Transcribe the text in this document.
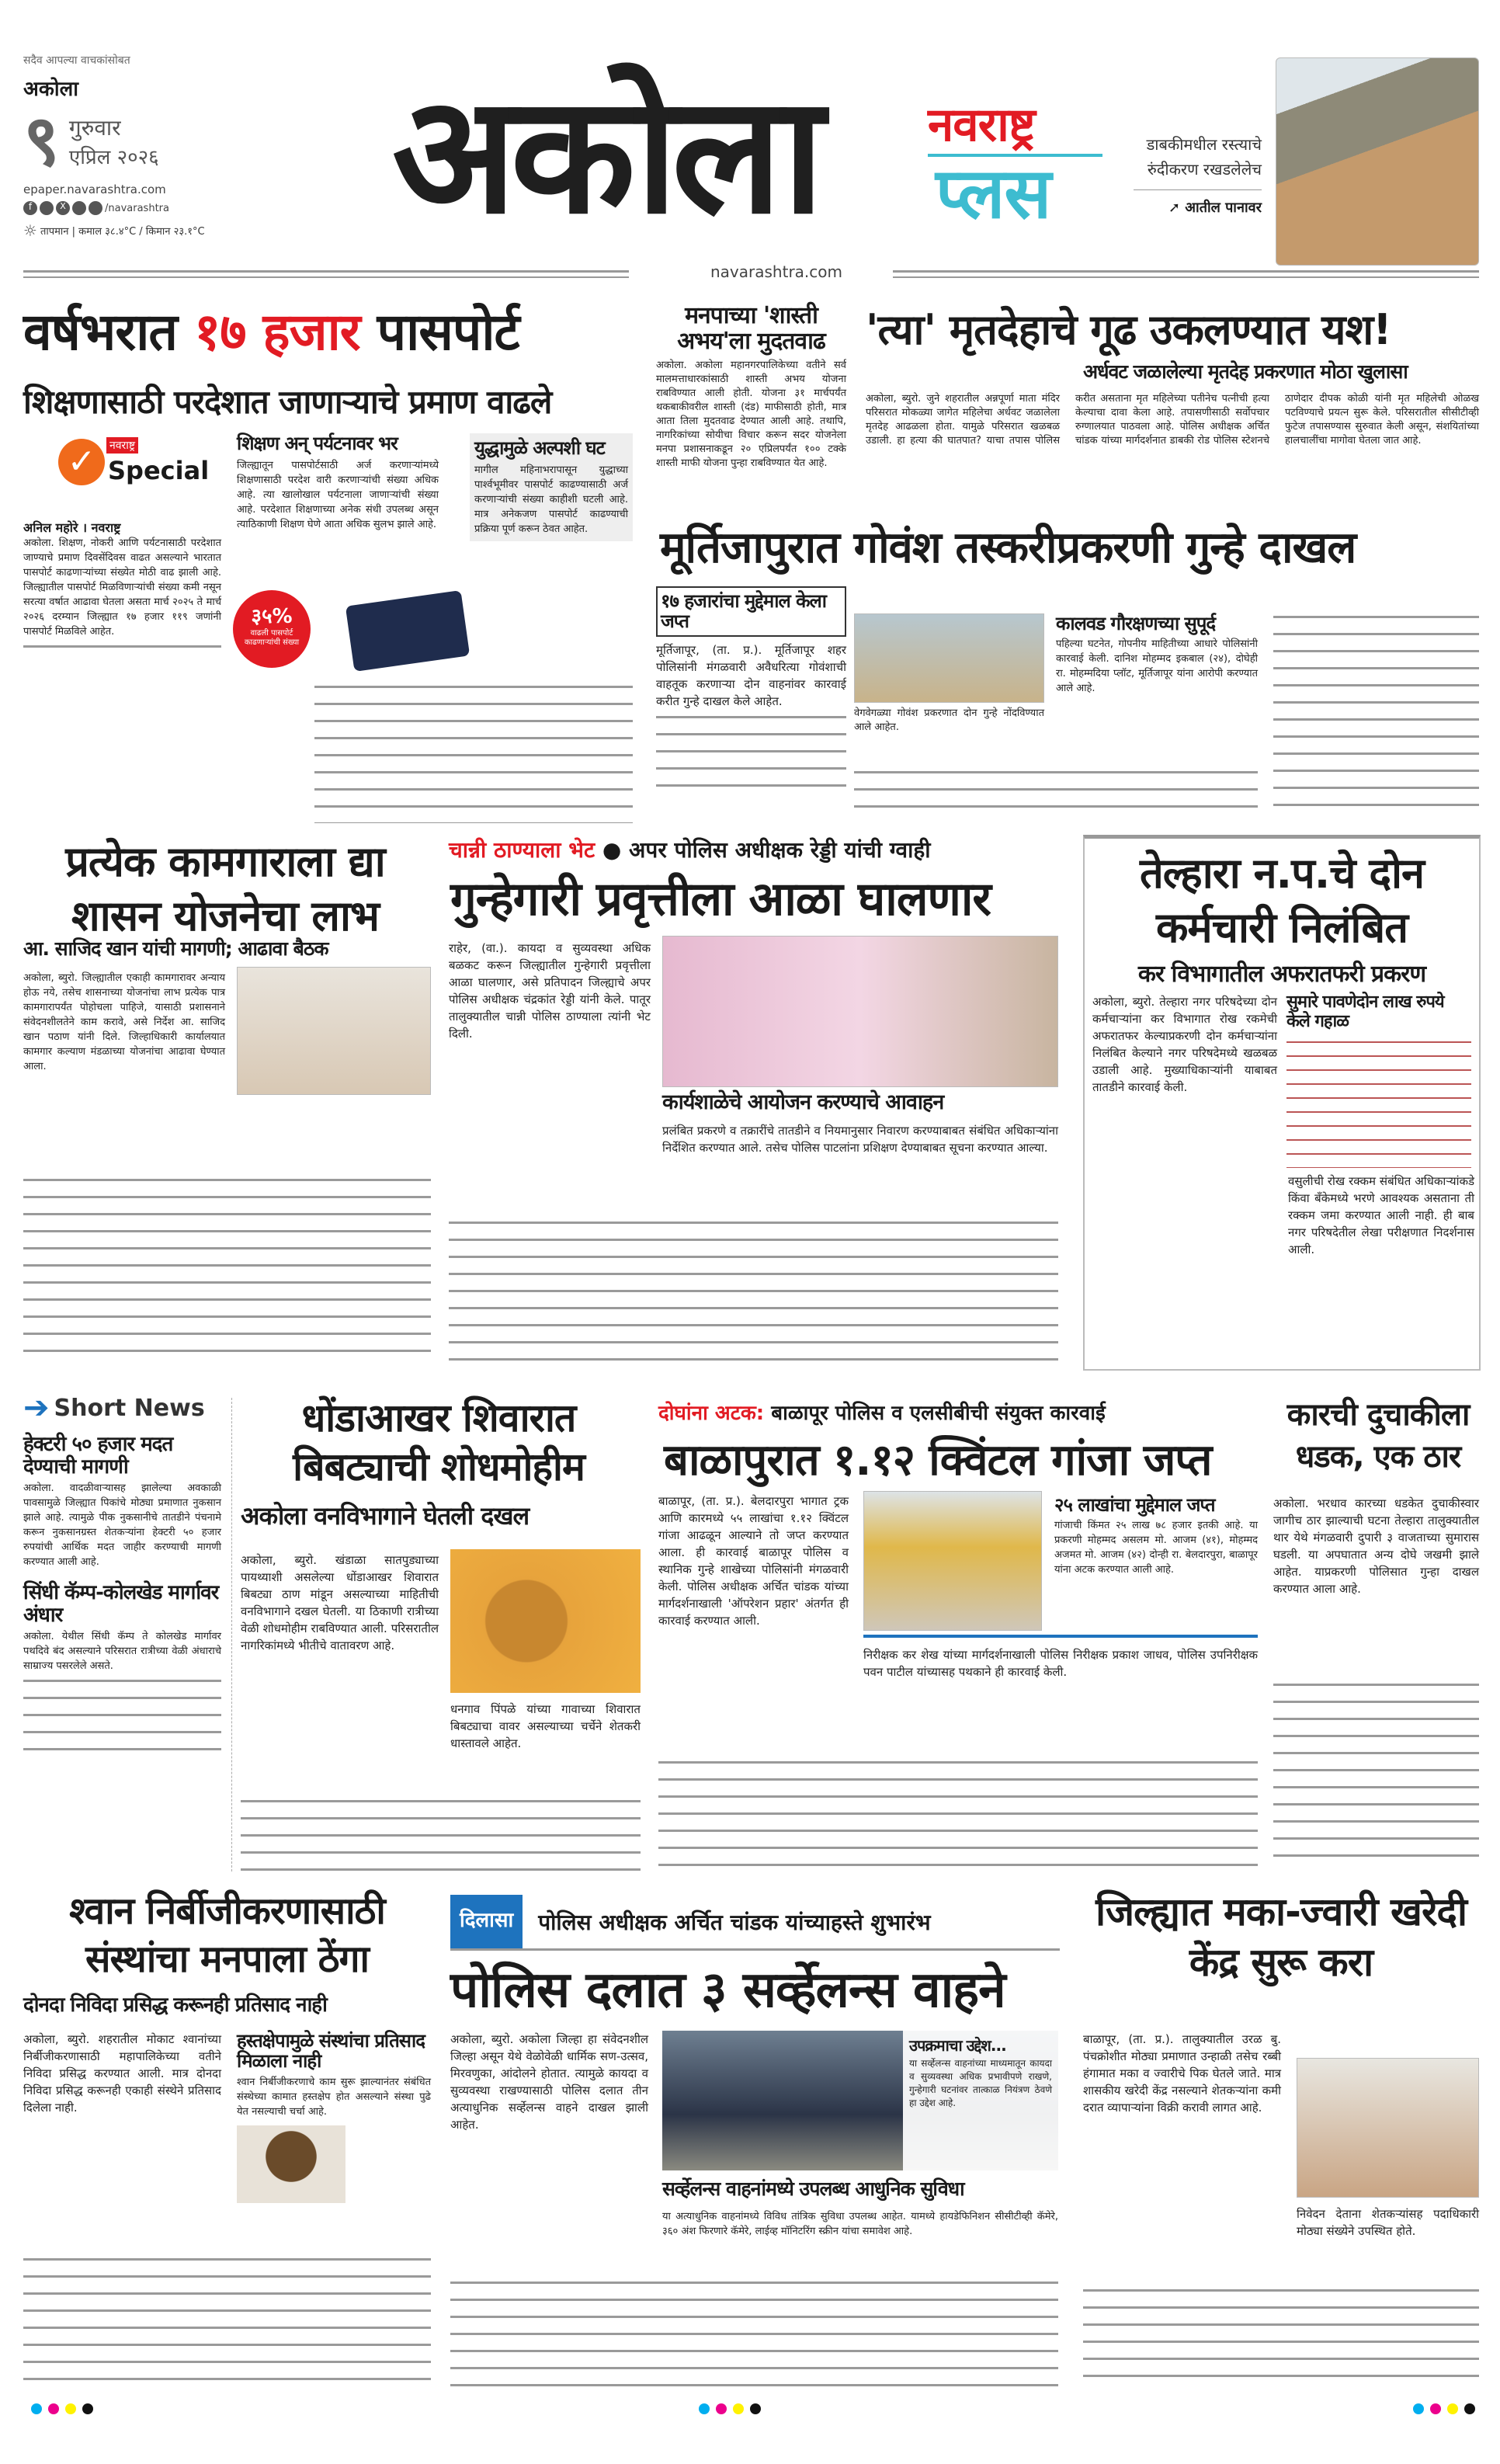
सदैव आपल्या वाचकांसोबत
अकोला
९ गुरुवार
एप्रिल २०२६
epaper.navarashtra.com
f	X	/navarashtra
☼ तापमान | कमाल ३८.४°C / किमान २३.१°C अकोला नवराष्ट्र
प्लस
डाबकीमधील रस्त्याचे रुंदीकरण रखडलेलेच
➚ आतील पानावर
navarashtra.com
वर्षभरात १७ हजार पासपोर्ट
शिक्षणासाठी परदेशात जाणाऱ्याचे प्रमाण वाढले
✓	नवराष्ट्र
Special
अनिल महोरे । नवराष्ट्र
अकोला. शिक्षण, नोकरी आणि पर्यटनासाठी परदेशात जाण्याचे प्रमाण दिवसेंदिवस वाढत असल्याने भारतात पासपोर्ट काढणाऱ्यांच्या संख्येत मोठी वाढ झाली आहे. जिल्ह्यातील पासपोर्ट मिळविणाऱ्यांची संख्या कमी नसून सरत्या वर्षात आढावा घेतला असता मार्च २०२५ ते मार्च २०२६ दरम्यान जिल्ह्यात १७ हजार ११९ जणांनी पासपोर्ट मिळविले आहेत.
शिक्षण अन् पर्यटनावर भर
जिल्ह्यातून पासपोर्टसाठी अर्ज करणाऱ्यांमध्ये शिक्षणासाठी परदेश वारी करणाऱ्यांची संख्या अधिक आहे. त्या खालोखाल पर्यटनाला जाणाऱ्यांची संख्या आहे. परदेशात शिक्षणाच्या अनेक संधी उपलब्ध असून त्याठिकाणी शिक्षण घेणे आता अधिक सुलभ झाले आहे.
युद्धामुळे अल्पशी घट
मागील महिनाभरापासून युद्धाच्या पार्श्वभूमीवर पासपोर्ट काढण्यासाठी अर्ज करणाऱ्यांची संख्या काहीशी घटली आहे. मात्र अनेकजण पासपोर्ट काढण्याची प्रक्रिया पूर्ण करून ठेवत आहेत.
३५%
वाढली पासपोर्ट काढणाऱ्यांची संख्या
मनपाच्या 'शास्ती अभय'ला मुदतवाढ
अकोला. अकोला महानगरपालिकेच्या वतीने सर्व मालमत्ताधारकांसाठी शास्ती अभय योजना राबविण्यात आली होती. योजना ३१ मार्चपर्यंत थकबाकीवरील शास्ती (दंड) माफीसाठी होती, मात्र आता तिला मुदतवाढ देण्यात आली आहे. तथापि, नागरिकांच्या सोयीचा विचार करून सदर योजनेला मनपा प्रशासनाकडून २० एप्रिलपर्यंत १०० टक्के शास्ती माफी योजना पुन्हा राबविण्यात येत आहे.
'त्या' मृतदेहाचे गूढ उकलण्यात यश!
अर्धवट जळालेल्या मृतदेह प्रकरणात मोठा खुलासा
अकोला, ब्युरो. जुने शहरातील अन्नपूर्णा माता मंदिर परिसरात मोकळ्या जागेत महिलेचा अर्धवट जळालेला मृतदेह आढळला होता. यामुळे परिसरात खळबळ उडाली. हा हत्या की घातपात? याचा तपास पोलिस करीत असताना मृत महिलेच्या पतीनेच पत्नीची हत्या केल्याचा दावा केला आहे. तपासणीसाठी सर्वोपचार रुग्णालयात पाठवला आहे. पोलिस अधीक्षक अर्चित चांडक यांच्या मार्गदर्शनात डाबकी रोड पोलिस स्टेशनचे ठाणेदार दीपक कोळी यांनी मृत महिलेची ओळख पटविण्याचे प्रयत्न सुरू केले. परिसरातील सीसीटीव्ही फुटेज तपासण्यास सुरुवात केली असून, संशयितांच्या हालचालींचा मागोवा घेतला जात आहे.
मूर्तिजापुरात गोवंश तस्करीप्रकरणी गुन्हे दाखल
१७ हजारांचा मुद्देमाल केला जप्त
मूर्तिजापूर, (ता. प्र.). मूर्तिजापूर शहर पोलिसांनी मंगळवारी अवैधरित्या गोवंशाची वाहतूक करणाऱ्या दोन वाहनांवर कारवाई करीत गुन्हे दाखल केले आहेत.
वेगवेगळ्या गोवंश प्रकरणात दोन गुन्हे नोंदविण्यात आले आहेत.
कालवड गौरक्षणच्या सुपूर्द
पहिल्या घटनेत, गोपनीय माहितीच्या आधारे पोलिसांनी कारवाई केली. दानिश मोहम्मद इकबाल (२४), दोघेही रा. मोहम्मदिया प्लॉट, मूर्तिजापूर यांना आरोपी करण्यात आले आहे.
प्रत्येक कामगाराला द्या शासन योजनेचा लाभ
आ. साजिद खान यांची मागणी; आढावा बैठक
अकोला, ब्युरो. जिल्ह्यातील एकाही कामगारावर अन्याय होऊ नये, तसेच शासनाच्या योजनांचा लाभ प्रत्येक पात्र कामगारापर्यंत पोहोचला पाहिजे, यासाठी प्रशासनाने संवेदनशीलतेने काम करावे, असे निर्देश आ. साजिद खान पठाण यांनी दिले. जिल्हाधिकारी कार्यालयात कामगार कल्याण मंडळाच्या योजनांचा आढावा घेण्यात आला.
चान्नी ठाण्याला भेट ● अपर पोलिस अधीक्षक रेड्डी यांची ग्वाही
गुन्हेगारी प्रवृत्तीला आळा घालणार
राहेर, (वा.). कायदा व सुव्यवस्था अधिक बळकट करून जिल्ह्यातील गुन्हेगारी प्रवृत्तीला आळा घालणार, असे प्रतिपादन जिल्ह्याचे अपर पोलिस अधीक्षक चंद्रकांत रेड्डी यांनी केले. पातूर तालुक्यातील चान्नी पोलिस ठाण्याला त्यांनी भेट दिली.
कार्यशाळेचे आयोजन करण्याचे आवाहन
प्रलंबित प्रकरणे व तक्रारींचे तातडीने व नियमानुसार निवारण करण्याबाबत संबंधित अधिकाऱ्यांना निर्देशित करण्यात आले. तसेच पोलिस पाटलांना प्रशिक्षण देण्याबाबत सूचना करण्यात आल्या.
तेल्हारा न.प.चे दोन कर्मचारी निलंबित
कर विभागातील अफरातफरी प्रकरण
अकोला, ब्युरो. तेल्हारा नगर परिषदेच्या दोन कर्मचाऱ्यांना कर विभागात रोख रकमेची अफरातफर केल्याप्रकरणी दोन कर्मचाऱ्यांना निलंबित केल्याने नगर परिषदेमध्ये खळबळ उडाली आहे. मुख्याधिकाऱ्यांनी याबाबत तातडीने कारवाई केली.
सुमारे पावणेदोन लाख रुपये केले गहाळ
वसुलीची रोख रक्कम संबंधित अधिकाऱ्यांकडे किंवा बँकेमध्ये भरणे आवश्यक असताना ती रक्कम जमा करण्यात आली नाही. ही बाब नगर परिषदेतील लेखा परीक्षणात निदर्शनास आली.
➔ Short News
हेक्टरी ५० हजार मदत देण्याची मागणी
अकोला. वादळीवाऱ्यासह झालेल्या अवकाळी पावसामुळे जिल्ह्यात पिकांचे मोठ्या प्रमाणात नुकसान झाले आहे. त्यामुळे पीक नुकसानीचे तातडीने पंचनामे करून नुकसानग्रस्त शेतकऱ्यांना हेक्टरी ५० हजार रुपयांची आर्थिक मदत जाहीर करण्याची मागणी करण्यात आली आहे.
सिंधी कॅम्प-कोलखेड मार्गावर अंधार
अकोला. येथील सिंधी कॅम्प ते कोलखेड मार्गावर पथदिवे बंद असल्याने परिसरात रात्रीच्या वेळी अंधाराचे साम्राज्य पसरलेले असते.
धोंडाआखर शिवारात बिबट्याची शोधमोहीम
अकोला वनविभागाने घेतली दखल
अकोला, ब्युरो. खंडाळा सातपुड्याच्या पायथ्याशी असलेल्या धोंडाआखर शिवारात बिबट्या ठाण मांडून असल्याच्या माहितीची वनविभागाने दखल घेतली. या ठिकाणी रात्रीच्या वेळी शोधमोहीम राबविण्यात आली. परिसरातील नागरिकांमध्ये भीतीचे वातावरण आहे.
धनगाव पिंपळे यांच्या गावाच्या शिवारात बिबट्याचा वावर असल्याच्या चर्चेने शेतकरी धास्तावले आहेत.
दोघांना अटक: बाळापूर पोलिस व एलसीबीची संयुक्त कारवाई
बाळापुरात १.१२ क्विंटल गांजा जप्त
बाळापूर, (ता. प्र.). बेलदारपुरा भागात ट्रक आणि कारमध्ये ५५ लाखांचा १.१२ क्विंटल गांजा आढळून आल्याने तो जप्त करण्यात आला. ही कारवाई बाळापूर पोलिस व स्थानिक गुन्हे शाखेच्या पोलिसांनी मंगळवारी केली. पोलिस अधीक्षक अर्चित चांडक यांच्या मार्गदर्शनाखाली 'ऑपरेशन प्रहार' अंतर्गत ही कारवाई करण्यात आली.
२५ लाखांचा मुद्देमाल जप्त
गांजाची किंमत २५ लाख ७८ हजार इतकी आहे. या प्रकरणी मोहम्मद असलम मो. आजम (४१), मोहम्मद अजमत मो. आजम (४२) दोन्ही रा. बेलदारपुरा, बाळापूर यांना अटक करण्यात आली आहे.
निरीक्षक कर शेख यांच्या मार्गदर्शनाखाली पोलिस निरीक्षक प्रकाश जाधव, पोलिस उपनिरीक्षक पवन पाटील यांच्यासह पथकाने ही कारवाई केली.
कारची दुचाकीला धडक, एक ठार
अकोला. भरधाव कारच्या धडकेत दुचाकीस्वार जागीच ठार झाल्याची घटना तेल्हारा तालुक्यातील थार येथे मंगळवारी दुपारी ३ वाजताच्या सुमारास घडली. या अपघातात अन्य दोघे जखमी झाले आहेत. याप्रकरणी पोलिसात गुन्हा दाखल करण्यात आला आहे.
श्वान निर्बीजीकरणासाठी संस्थांचा मनपाला ठेंगा
दोनदा निविदा प्रसिद्ध करूनही प्रतिसाद नाही
अकोला, ब्युरो. शहरातील मोकाट श्वानांच्या निर्बीजीकरणासाठी महापालिकेच्या वतीने निविदा प्रसिद्ध करण्यात आली. मात्र दोनदा निविदा प्रसिद्ध करूनही एकाही संस्थेने प्रतिसाद दिलेला नाही.
हस्तक्षेपामुळे संस्थांचा प्रतिसाद मिळाला नाही
श्वान निर्बीजीकरणाचे काम सुरू झाल्यानंतर संबंधित संस्थेच्या कामात हस्तक्षेप होत असल्याने संस्था पुढे येत नसल्याची चर्चा आहे.
दिलासा	पोलिस अधीक्षक अर्चित चांडक यांच्याहस्ते शुभारंभ
पोलिस दलात ३ सर्व्हेलन्स वाहने
अकोला, ब्युरो. अकोला जिल्हा हा संवेदनशील जिल्हा असून येथे वेळोवेळी धार्मिक सण-उत्सव, मिरवणुका, आंदोलने होतात. त्यामुळे कायदा व सुव्यवस्था राखण्यासाठी पोलिस दलात तीन अत्याधुनिक सर्व्हेलन्स वाहने दाखल झाली आहेत.
उपक्रमाचा उद्देश...
या सर्व्हेलन्स वाहनांच्या माध्यमातून कायदा व सुव्यवस्था अधिक प्रभावीपणे राखणे, गुन्हेगारी घटनांवर तात्काळ नियंत्रण ठेवणे हा उद्देश आहे.
सर्व्हेलन्स वाहनांमध्ये उपलब्ध आधुनिक सुविधा
या अत्याधुनिक वाहनांमध्ये विविध तांत्रिक सुविधा उपलब्ध आहेत. यामध्ये हायडेफिनिशन सीसीटीव्ही कॅमेरे, ३६० अंश फिरणारे कॅमेरे, लाईव्ह मॉनिटरिंग स्क्रीन यांचा समावेश आहे.
जिल्ह्यात मका-ज्वारी खरेदी केंद्र सुरू करा
बाळापूर, (ता. प्र.). तालुक्यातील उरळ बु. पंचक्रोशीत मोठ्या प्रमाणात उन्हाळी तसेच रब्बी हंगामात मका व ज्वारीचे पिक घेतले जाते. मात्र शासकीय खरेदी केंद्र नसल्याने शेतकऱ्यांना कमी दरात व्यापाऱ्यांना विक्री करावी लागत आहे.
निवेदन देताना शेतकऱ्यांसह पदाधिकारी मोठ्या संख्येने उपस्थित होते.
